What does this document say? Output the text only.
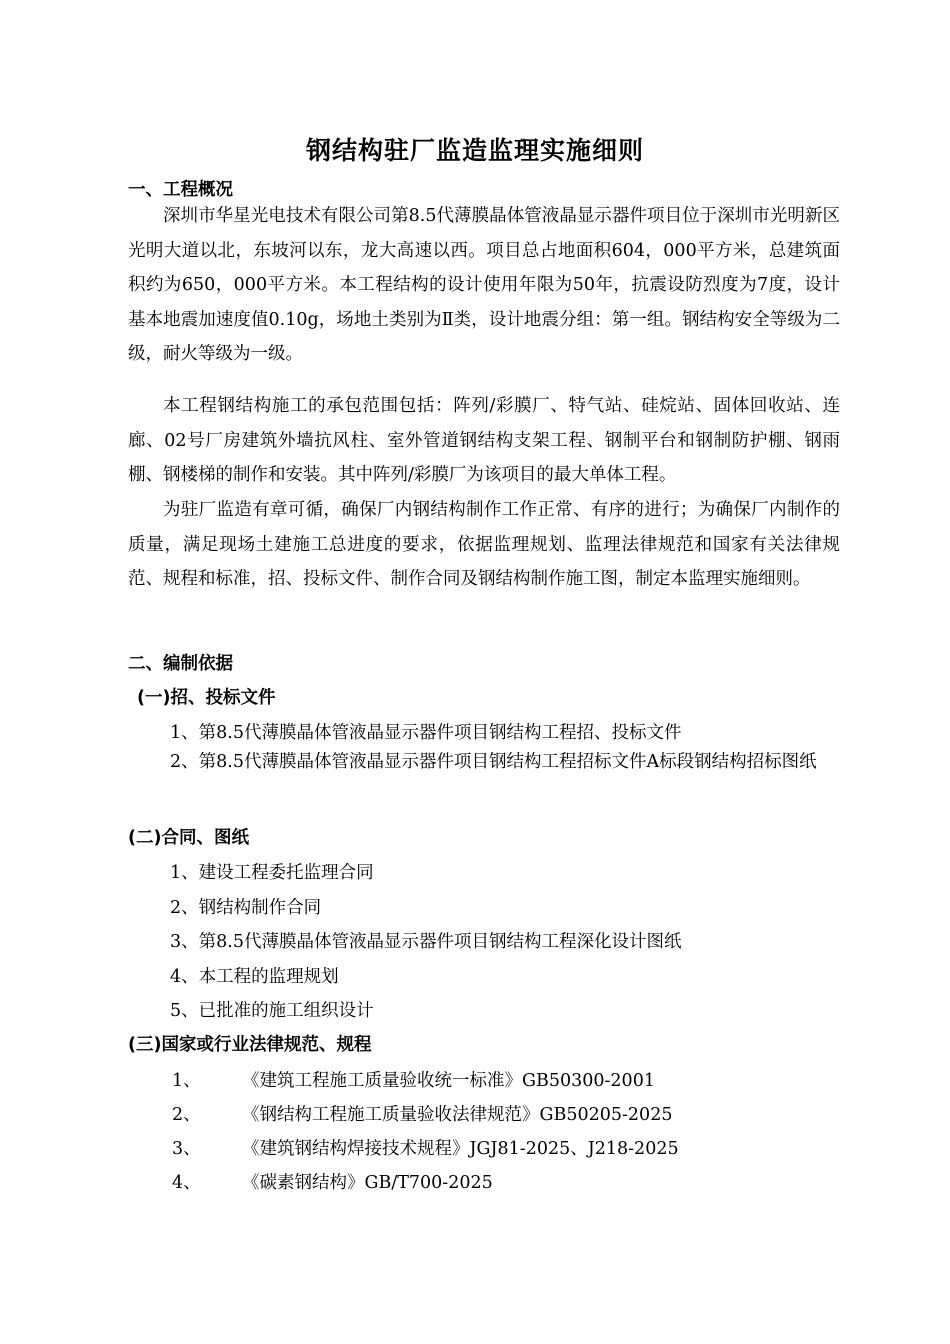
钢结构驻厂监造监理实施细则
一、工程概况

深圳市华星光电技术有限公司第8.5代薄膜晶体管液晶显示器件项目位于深圳市光明新区光明大道以北，东坡河以东，龙大高速以西。项目总占地面积604，000平方米，总建筑面积约为650，000平方米。本工程结构的设计使用年限为50年，抗震设防烈度为7度，设计基本地震加速度值0.10g，场地土类别为Ⅱ类，设计地震分组：第一组。钢结构安全等级为二级，耐火等级为一级。

本工程钢结构施工的承包范围包括：阵列/彩膜厂、特气站、硅烷站、固体回收站、连廊、02号厂房建筑外墙抗风柱、室外管道钢结构支架工程、钢制平台和钢制防护棚、钢雨棚、钢楼梯的制作和安装。其中阵列/彩膜厂为该项目的最大单体工程。

为驻厂监造有章可循，确保厂内钢结构制作工作正常、有序的进行；为确保厂内制作的质量，满足现场土建施工总进度的要求，依据监理规划、监理法律规范和国家有关法律规范、规程和标准，招、投标文件、制作合同及钢结构制作施工图，制定本监理实施细则。

二、编制依据
(一)招、投标文件
1、第8.5代薄膜晶体管液晶显示器件项目钢结构工程招、投标文件

2、第8.5代薄膜晶体管液晶显示器件项目钢结构工程招标文件A标段钢结构招标图纸

(二)合同、图纸
1、建设工程委托监理合同
2、钢结构制作合同
3、第8.5代薄膜晶体管液晶显示器件项目钢结构工程深化设计图纸
4、本工程的监理规划
5、已批准的施工组织设计
(三)国家或行业法律规范、规程
1、 《建筑工程施工质量验收统一标准》GB50300-2001
2、 《钢结构工程施工质量验收法律规范》GB50205-2025
3、 《建筑钢结构焊接技术规程》JGJ81-2025、J218-2025
4、 《碳素钢结构》GB/T700-2025
